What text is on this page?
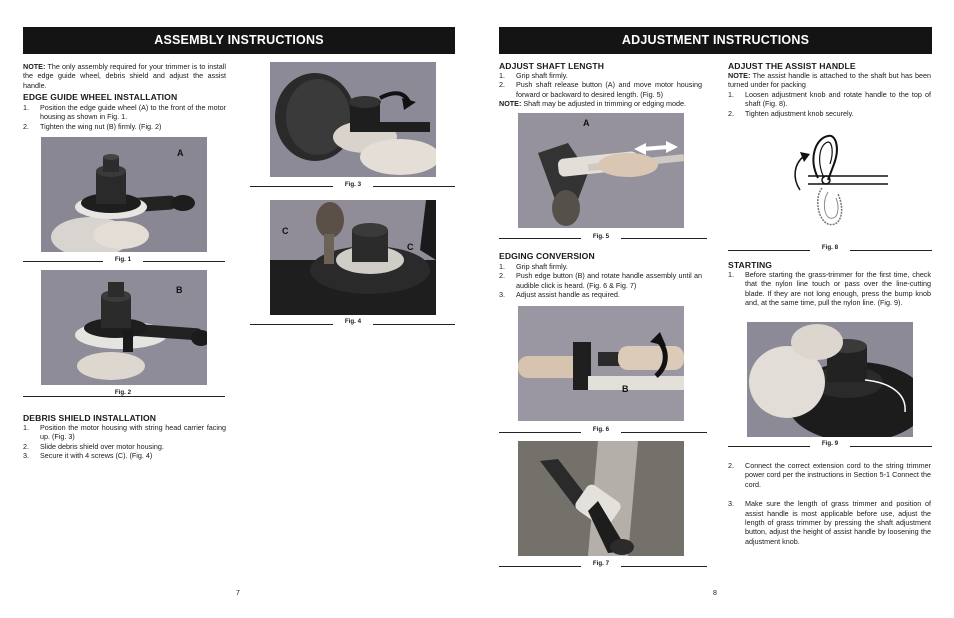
ASSEMBLY INSTRUCTIONS
NOTE: The only assembly required for your trimmer is to install the edge guide wheel, debris shield and adjust the assist handle.
EDGE GUIDE WHEEL INSTALLATION
1. Position the edge guide wheel (A) to the front of the motor housing as shown in Fig. 1.
2. Tighten the wing nut (B) firmly. (Fig. 2)
A
Fig. 1
B
Fig. 2
DEBRIS SHIELD INSTALLATION
1. Position the motor housing with string head carrier facing up. (Fig. 3)
2. Slide debris shield over motor housing.
3. Secure it with 4 screws (C). (Fig. 4)
Fig. 3
C
C
Fig. 4
7
ADJUSTMENT INSTRUCTIONS
ADJUST SHAFT LENGTH
1. Grip shaft firmly.
2. Push shaft release button (A) and move motor housing forward or backward to desired length. (Fig. 5)
NOTE: Shaft may be adjusted in trimming or edging mode.
A
Fig. 5
EDGING CONVERSION
1. Grip shaft firmly.
2. Push edge button (B) and rotate handle assembly until an audible click is heard. (Fig. 6 & Fig. 7)
3. Adjust assist handle as required.
B
Fig. 6
Fig. 7
ADJUST THE ASSIST HANDLE
NOTE: The assist handle is attached to the shaft but has been turned under for packing
1. Loosen adjustment knob and rotate handle to the top of shaft (Fig. 8).
2. Tighten adjustment knob securely.
Fig. 8
STARTING
1. Before starting the grass-trimmer for the first time, check that the nylon line touch or pass over the line-cutting blade. If they are not long enough, press the bump knob and, at the same time, pull the nylon line. (Fig. 9).
Fig. 9
2. Connect the correct extension cord to the string trimmer power cord per the instructions in Section 5-1 Connect the cord.
3. Make sure the length of grass trimmer and position of assist handle is most applicable before use, adjust the length of grass trimmer by pressing the shaft adjustment button, adjust the height of assist handle by loosening the adjustment knob.
8
